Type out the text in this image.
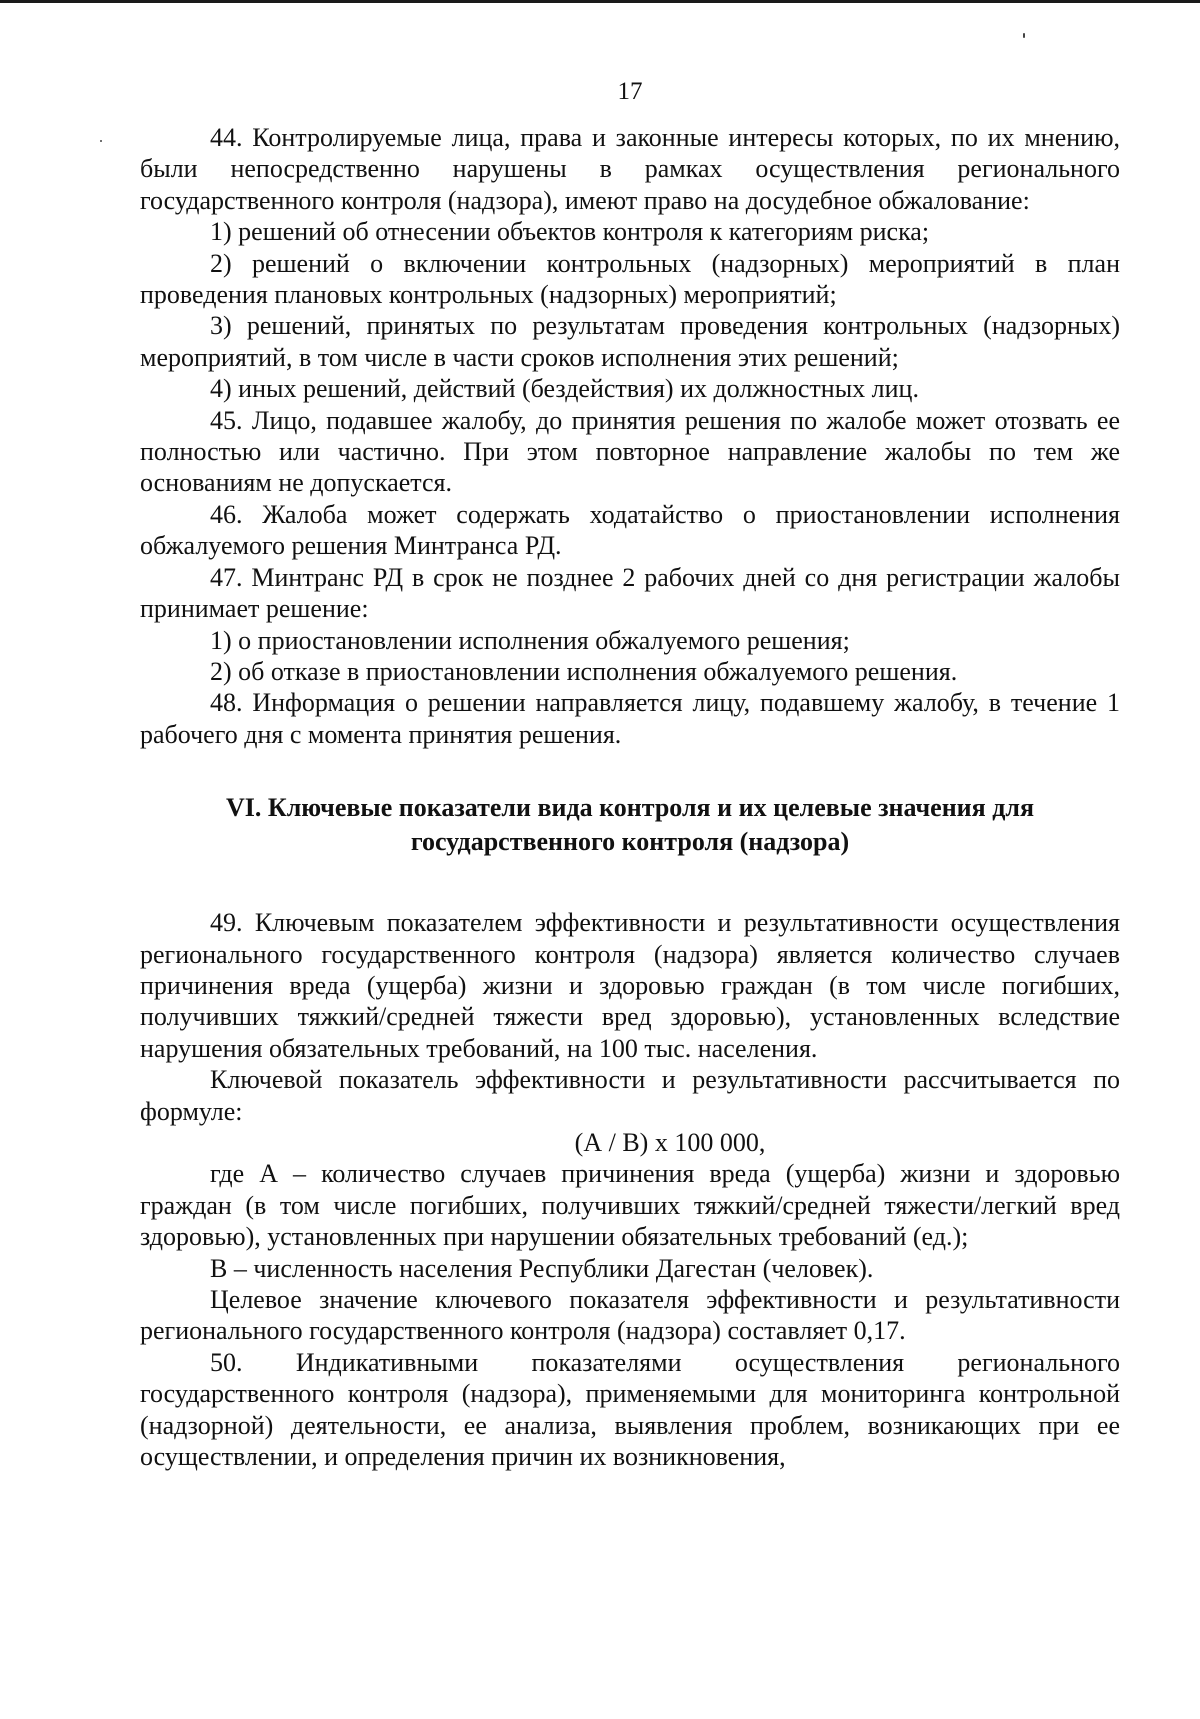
17

44. Контролируемые лица, права и законные интересы которых, по их мнению, были непосредственно нарушены в рамках осуществления регионального государственного контроля (надзора), имеют право на досудебное обжалование:

1) решений об отнесении объектов контроля к категориям риска;

2) решений о включении контрольных (надзорных) мероприятий в план проведения плановых контрольных (надзорных) мероприятий;

3) решений, принятых по результатам проведения контрольных (надзорных) мероприятий, в том числе в части сроков исполнения этих решений;

4) иных решений, действий (бездействия) их должностных лиц.

45. Лицо, подавшее жалобу, до принятия решения по жалобе может отозвать ее полностью или частично. При этом повторное направление жалобы по тем же основаниям не допускается.

46. Жалоба может содержать ходатайство о приостановлении исполнения обжалуемого решения Минтранса РД.

47. Минтранс РД в срок не позднее 2 рабочих дней со дня регистрации жалобы принимает решение:

1) о приостановлении исполнения обжалуемого решения;

2) об отказе в приостановлении исполнения обжалуемого решения.

48. Информация о решении направляется лицу, подавшему жалобу, в течение 1 рабочего дня с момента принятия решения.

VI. Ключевые показатели вида контроля и их целевые значения для государственного контроля (надзора)

49. Ключевым показателем эффективности и результативности осуществления регионального государственного контроля (надзора) является количество случаев причинения вреда (ущерба) жизни и здоровью граждан (в том числе погибших, получивших тяжкий/средней тяжести вред здоровью), установленных вследствие нарушения обязательных требований, на 100 тыс. населения.

Ключевой показатель эффективности и результативности рассчитывается по формуле:

(А / В) х 100 000,

где А – количество случаев причинения вреда (ущерба) жизни и здоровью граждан (в том числе погибших, получивших тяжкий/средней тяжести/легкий вред здоровью), установленных при нарушении обязательных требований (ед.);

В – численность населения Республики Дагестан (человек).

Целевое значение ключевого показателя эффективности и результативности регионального государственного контроля (надзора) составляет 0,17.

50. Индикативными показателями осуществления регионального государственного контроля (надзора), применяемыми для мониторинга контрольной (надзорной) деятельности, ее анализа, выявления проблем, возникающих при ее осуществлении, и определения причин их возникновения,
